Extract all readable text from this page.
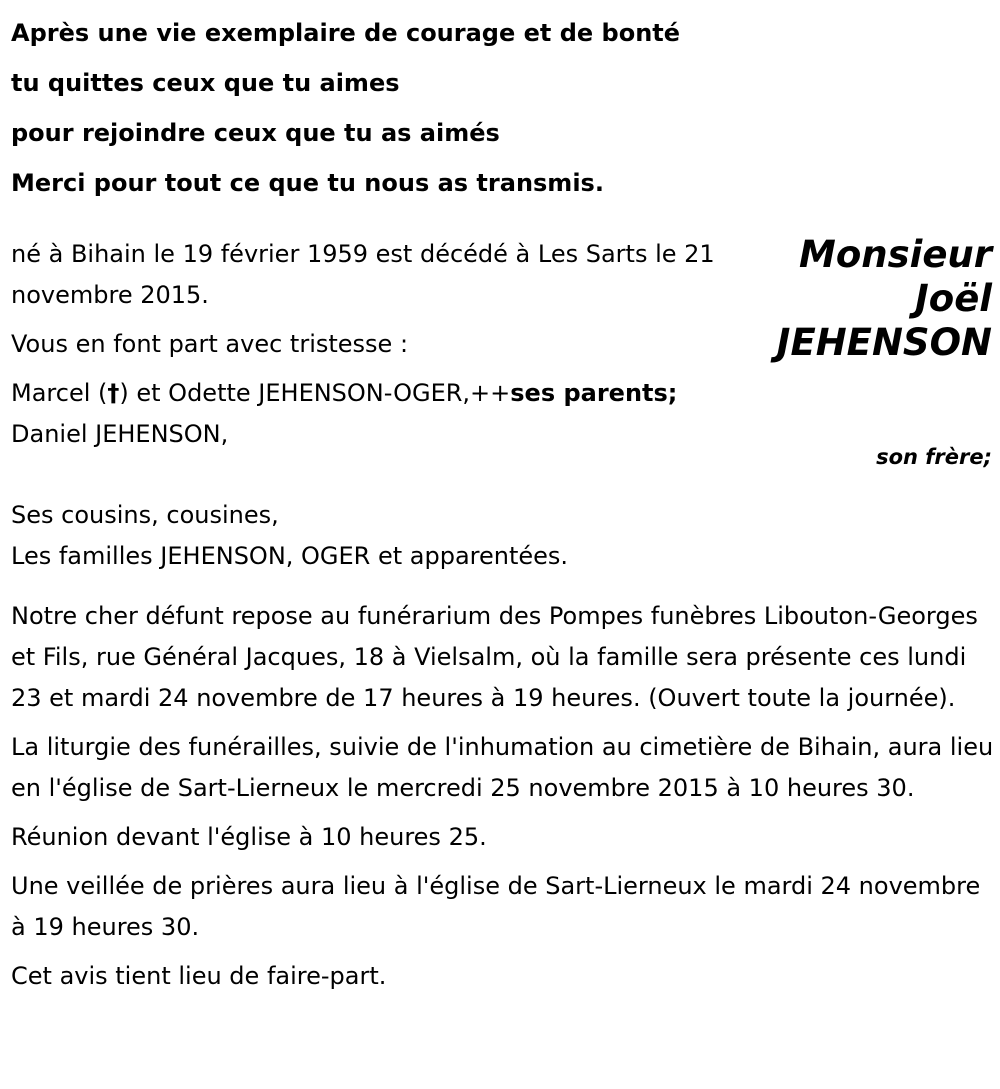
Après une vie exemplaire de courage et de bonté
tu quittes ceux que tu aimes
pour rejoindre ceux que tu as aimés
Merci pour tout ce que tu nous as transmis.
Monsieur
Joël
JEHENSON
son frère;

né à Bihain le 19 février 1959 est décédé à Les Sarts le 21 novembre 2015.

Vous en font part avec tristesse :

Marcel (†) et Odette JEHENSON-OGER,++ses parents;

Daniel JEHENSON,

Ses cousins, cousines,

Les familles JEHENSON, OGER et apparentées.

Notre cher défunt repose au funérarium des Pompes funèbres Libouton-Georges et Fils, rue Général Jacques, 18 à Vielsalm, où la famille sera présente ces lundi 23 et mardi 24 novembre de 17 heures à 19 heures. (Ouvert toute la journée).

La liturgie des funérailles, suivie de l'inhumation au cimetière de Bihain, aura lieu en l'église de Sart-Lierneux le mercredi 25 novembre 2015 à 10 heures 30.

Réunion devant l'église à 10 heures 25.

Une veillée de prières aura lieu à l'église de Sart-Lierneux le mardi 24 novembre à 19 heures 30.

Cet avis tient lieu de faire-part.
